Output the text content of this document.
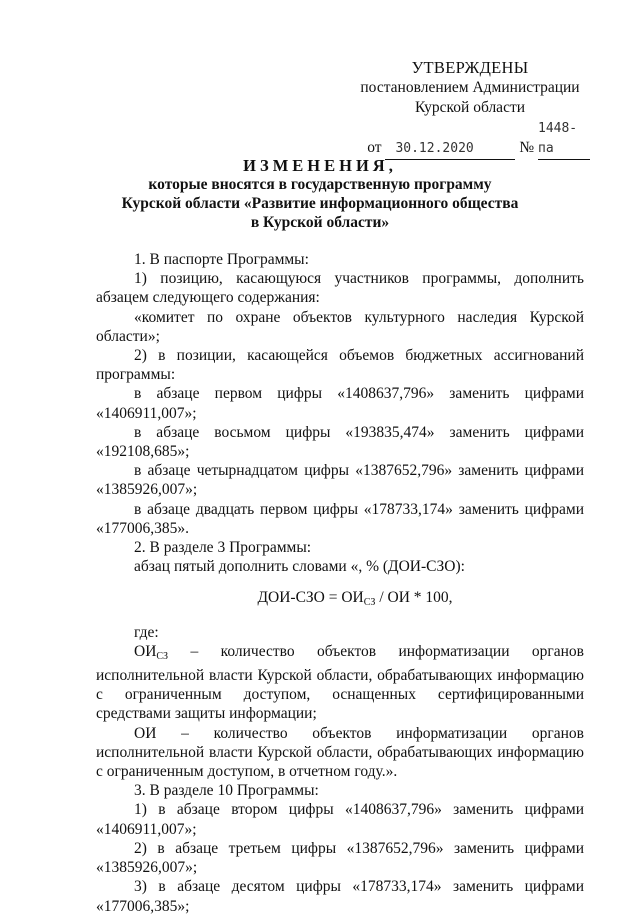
УТВЕРЖДЕНЫ
постановлением Администрации
Курской области
от 30.12.2020	№ 1448-па
ИЗМЕНЕНИЯ,
которые вносятся в государственную программу
Курской области «Развитие информационного общества
в Курской области»

1. В паспорте Программы:

1) позицию, касающуюся участников программы, дополнить абзацем следующего содержания:

«комитет по охране объектов культурного наследия Курской области»;

2) в позиции, касающейся объемов бюджетных ассигнований программы:

в абзаце первом цифры «1408637,796» заменить цифрами «1406911,007»;

в абзаце восьмом цифры «193835,474» заменить цифрами «192108,685»;

в абзаце четырнадцатом цифры «1387652,796» заменить цифрами «1385926,007»;

в абзаце двадцать первом цифры «178733,174» заменить цифрами «177006,385».

2. В разделе 3 Программы:

абзац пятый дополнить словами «, % (ДОИ-СЗО):

$ДОИ-СЗО = ОИ_{СЗ}$ / ОИ * 100,

где:

$ОИ_{СЗ}$ – количество объектов информатизации органов исполнительной власти Курской области, обрабатывающих информацию с ограниченным доступом, оснащенных сертифицированными средствами защиты информации;

ОИ – количество объектов информатизации органов исполнительной власти Курской области, обрабатывающих информацию с ограниченным доступом, в отчетном году.».

3. В разделе 10 Программы:

1) в абзаце втором цифры «1408637,796» заменить цифрами «1406911,007»;

2) в абзаце третьем цифры «1387652,796» заменить цифрами «1385926,007»;

3) в абзаце десятом цифры «178733,174» заменить цифрами «177006,385»;
